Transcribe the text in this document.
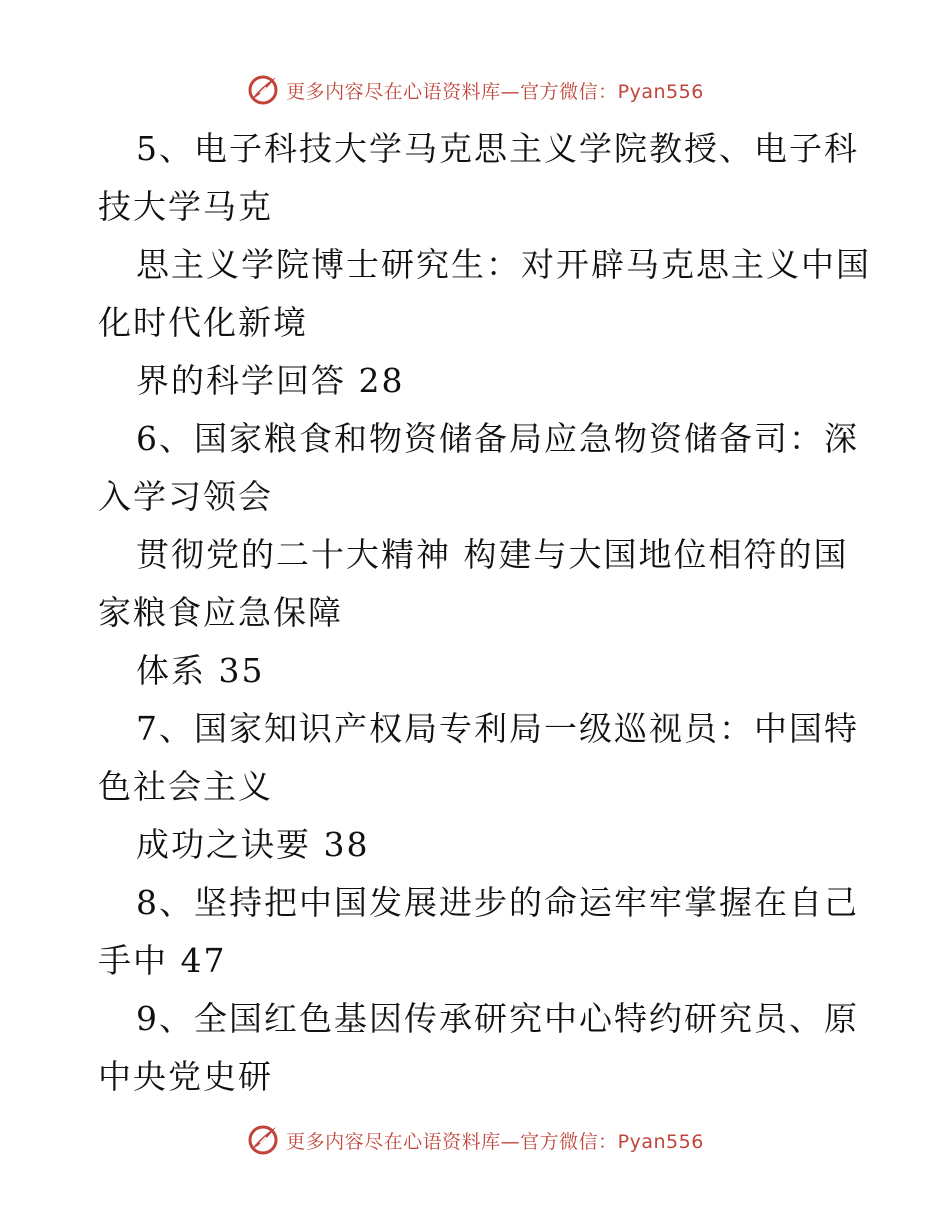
更多内容尽在心语资料库—官方微信：Pyan556
5、电子科技大学马克思主义学院教授、电子科
技大学马克
思主义学院博士研究生：对开辟马克思主义中国
化时代化新境
界的科学回答 28
6、国家粮食和物资储备局应急物资储备司：深
入学习领会
贯彻党的二十大精神 构建与大国地位相符的国
家粮食应急保障
体系 35
7、国家知识产权局专利局一级巡视员：中国特
色社会主义
成功之诀要 38
8、坚持把中国发展进步的命运牢牢掌握在自己
手中 47
9、全国红色基因传承研究中心特约研究员、原
中央党史研
更多内容尽在心语资料库—官方微信：Pyan556
